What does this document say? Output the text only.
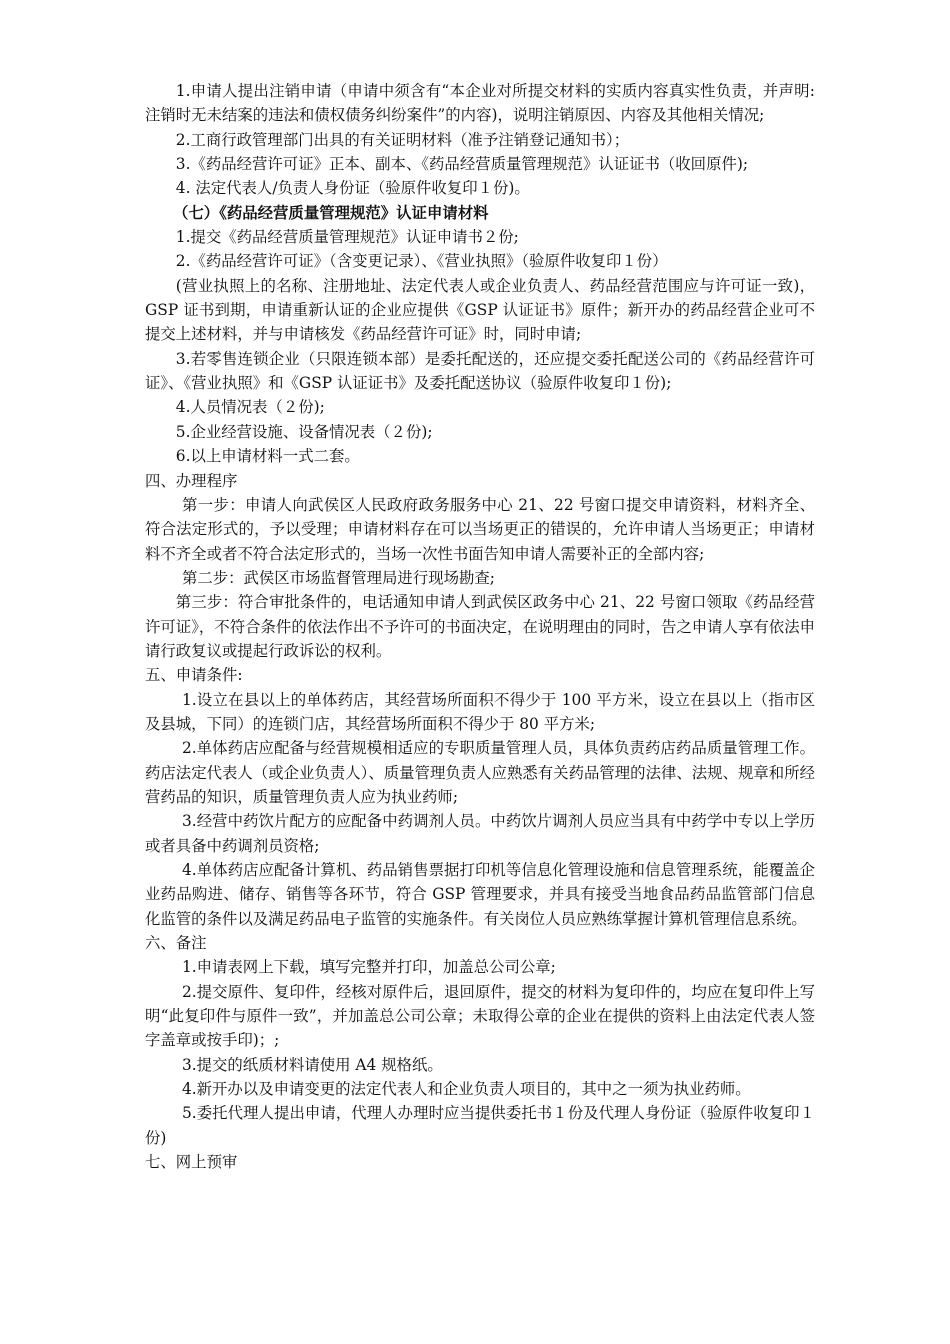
1.申请人提出注销申请（申请中须含有“本企业对所提交材料的实质内容真实性负责，并声明:注销时无未结案的违法和债权债务纠纷案件”的内容)，说明注销原因、内容及其他相关情况;

2.工商行政管理部门出具的有关证明材料（准予注销登记通知书）；

3.《药品经营许可证》正本、副本、《药品经营质量管理规范》认证证书（收回原件);

4. 法定代表人/负责人身份证（验原件收复印１份)。

（七）《药品经营质量管理规范》认证申请材料

1.提交《药品经营质量管理规范》认证申请书２份;

2.《药品经营许可证》（含变更记录）、《营业执照》（验原件收复印１份）

(营业执照上的名称、注册地址、法定代表人或企业负责人、药品经营范围应与许可证一致)，GSP 证书到期，申请重新认证的企业应提供《GSP 认证证书》原件；新开办的药品经营企业可不提交上述材料，并与申请核发《药品经营许可证》时，同时申请;

3.若零售连锁企业（只限连锁本部）是委托配送的，还应提交委托配送公司的《药品经营许可证》、《营业执照》和《GSP 认证证书》及委托配送协议（验原件收复印１份);

4.人员情况表（２份);

5.企业经营设施、设备情况表（２份);

6.以上申请材料一式二套。

四、办理程序

第一步：申请人向武侯区人民政府政务服务中心 21、22 号窗口提交申请资料，材料齐全、符合法定形式的，予以受理；申请材料存在可以当场更正的错误的，允许申请人当场更正；申请材料不齐全或者不符合法定形式的，当场一次性书面告知申请人需要补正的全部内容;

第二步：武侯区市场监督管理局进行现场勘查;

第三步：符合审批条件的，电话通知申请人到武侯区政务中心 21、22 号窗口领取《药品经营许可证》，不符合条件的依法作出不予许可的书面决定，在说明理由的同时，告之申请人享有依法申请行政复议或提起行政诉讼的权利。

五、申请条件:

1.设立在县以上的单体药店，其经营场所面积不得少于 100 平方米，设立在县以上（指市区及县城，下同）的连锁门店，其经营场所面积不得少于 80 平方米;

2.单体药店应配备与经营规模相适应的专职质量管理人员，具体负责药店药品质量管理工作。药店法定代表人（或企业负责人）、质量管理负责人应熟悉有关药品管理的法律、法规、规章和所经营药品的知识，质量管理负责人应为执业药师;

3.经营中药饮片配方的应配备中药调剂人员。中药饮片调剂人员应当具有中药学中专以上学历或者具备中药调剂员资格;

4.单体药店应配备计算机、药品销售票据打印机等信息化管理设施和信息管理系统，能覆盖企业药品购进、储存、销售等各环节，符合 GSP 管理要求，并具有接受当地食品药品监管部门信息化监管的条件以及满足药品电子监管的实施条件。有关岗位人员应熟练掌握计算机管理信息系统。

六、备注

1.申请表网上下载，填写完整并打印，加盖总公司公章;

2.提交原件、复印件，经核对原件后，退回原件，提交的材料为复印件的，均应在复印件上写明“此复印件与原件一致”，并加盖总公司公章；未取得公章的企业在提供的资料上由法定代表人签字盖章或按手印)；;

3.提交的纸质材料请使用 A4 规格纸。

4.新开办以及申请变更的法定代表人和企业负责人项目的，其中之一须为执业药师。

5.委托代理人提出申请，代理人办理时应当提供委托书１份及代理人身份证（验原件收复印１份)

七、网上预审
